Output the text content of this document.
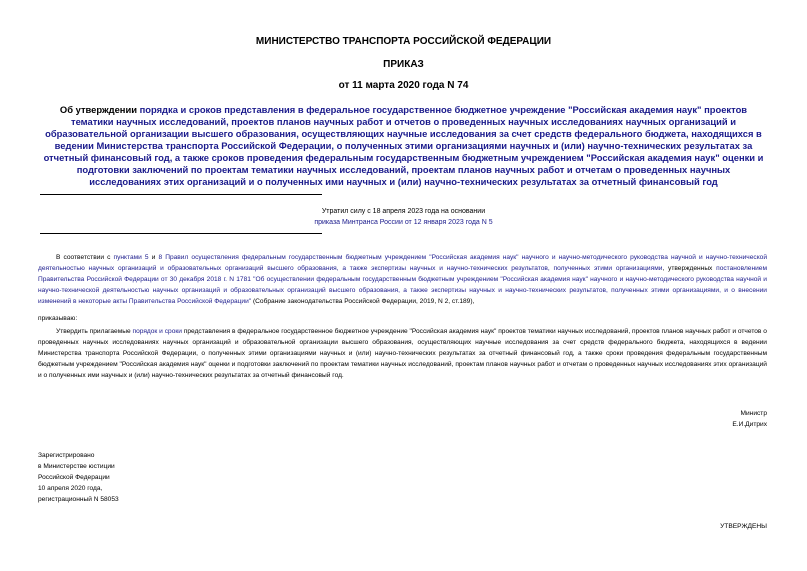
МИНИСТЕРСТВО ТРАНСПОРТА РОССИЙСКОЙ ФЕДЕРАЦИИ
ПРИКАЗ
от 11 марта 2020 года N 74
Об утверждении порядка и сроков представления в федеральное государственное бюджетное учреждение "Российская академия наук" проектов тематики научных исследований, проектов планов научных работ и отчетов о проведенных научных исследованиях научных организаций и образовательной организации высшего образования, осуществляющих научные исследования за счет средств федерального бюджета, находящихся в ведении Министерства транспорта Российской Федерации, о полученных этими организациями научных и (или) научно-технических результатах за отчетный финансовый год, а также сроков проведения федеральным государственным бюджетным учреждением "Российская академия наук" оценки и подготовки заключений по проектам тематики научных исследований, проектам планов научных работ и отчетам о проведенных научных исследованиях этих организаций и о полученных ими научных и (или) научно-технических результатах за отчетный финансовый год
Утратил силу с 18 апреля 2023 года на основании
приказа Минтранса России от 12 января 2023 года N 5
В соответствии с пунктами 5 и 8 Правил осуществления федеральным государственным бюджетным учреждением "Российская академия наук" научного и научно-методического руководства научной и научно-технической деятельностью научных организаций и образовательных организаций высшего образования, а также экспертизы научных и научно-технических результатов, полученных этими организациями, утвержденных постановлением Правительства Российской Федерации от 30 декабря 2018 г. N 1781 "Об осуществлении федеральным государственным бюджетным учреждением "Российская академия наук" научного и научно-методического руководства научной и научно-технической деятельностью научных организаций и образовательных организаций высшего образования, а также экспертизы научных и научно-технических результатов, полученных этими организациями, и о внесении изменений в некоторые акты Правительства Российской Федерации" (Собрание законодательства Российской Федерации, 2019, N 2, ст.189),
приказываю:
Утвердить прилагаемые порядок и сроки представления в федеральное государственное бюджетное учреждение "Российская академия наук" проектов тематики научных исследований, проектов планов научных работ и отчетов о проведенных научных исследованиях научных организаций и образовательной организации высшего образования, осуществляющих научные исследования за счет средств федерального бюджета, находящихся в ведении Министерства транспорта Российской Федерации, о полученных этими организациями научных и (или) научно-технических результатах за отчетный финансовый год, а также сроки проведения федеральным государственным бюджетным учреждением "Российская академия наук" оценки и подготовки заключений по проектам тематики научных исследований, проектам планов научных работ и отчетам о проведенных научных исследованиях этих организаций и о полученных ими научных и (или) научно-технических результатах за отчетный финансовый год.
Министр
Е.И.Дитрих
Зарегистрировано
в Министерстве юстиции
Российской Федерации
10 апреля 2020 года,
регистрационный N 58053
УТВЕРЖДЕНЫ
